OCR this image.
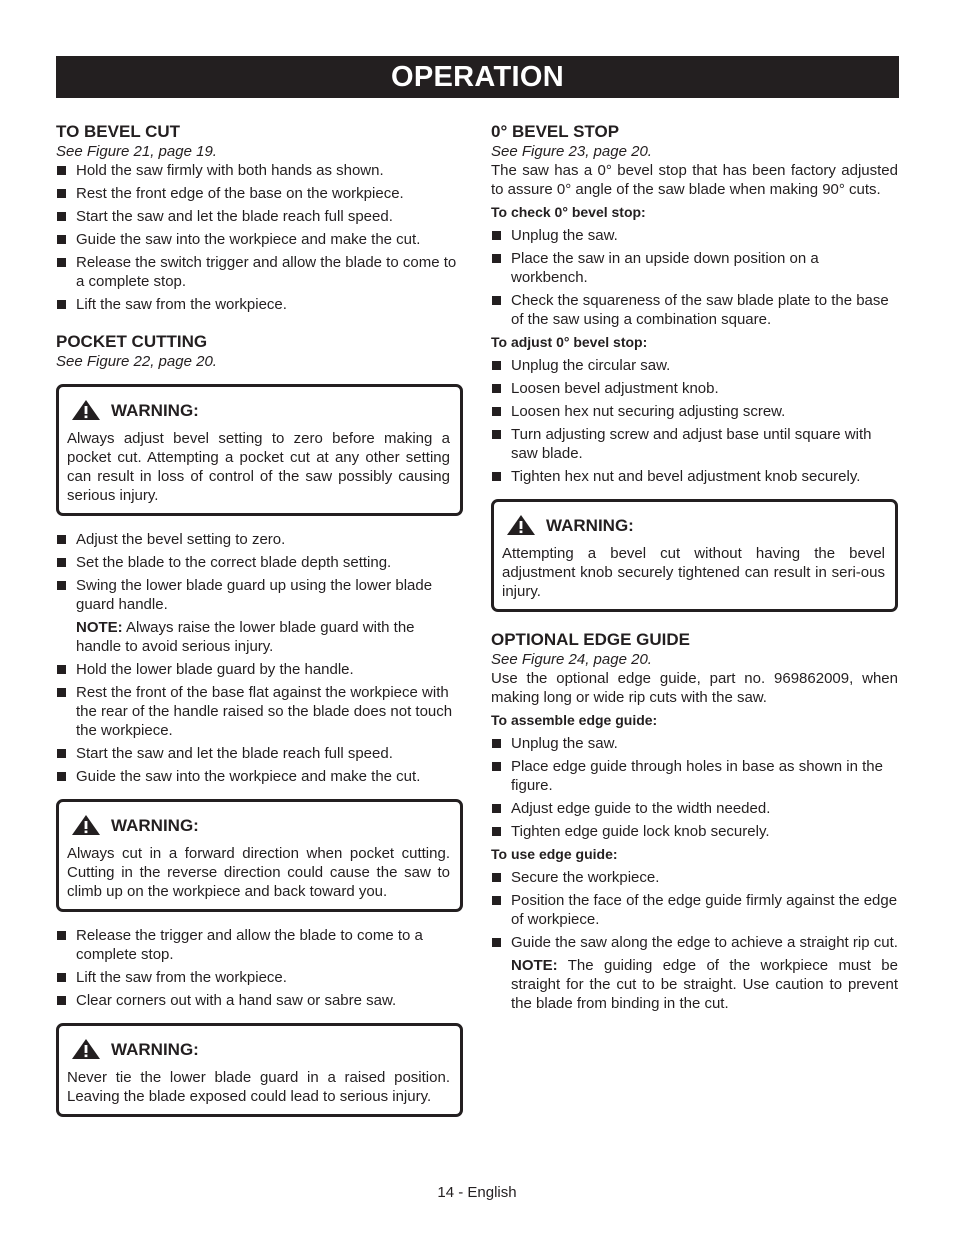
OPERATION
TO BEVEL CUT

See Figure 21, page 19.

Hold the saw firmly with both hands as shown.
Rest the front edge of the base on the workpiece.
Start the saw and let the blade reach full speed.
Guide the saw into the workpiece and make the cut.
Release the switch trigger and allow the blade to come to a complete stop.
Lift the saw from the workpiece.
POCKET CUTTING

See Figure 22, page 20.

WARNING:

Always adjust bevel setting to zero before making a pocket cut. Attempting a pocket cut at any other setting can result in loss of control of the saw possibly causing serious injury.

Adjust the bevel setting to zero.
Set the blade to the correct blade depth setting.
Swing the lower blade guard up using the lower blade guard handle.

NOTE: Always raise the lower blade guard with the handle to avoid serious injury.

Hold the lower blade guard by the handle.
Rest the front of the base flat against the workpiece with the rear of the handle raised so the blade does not touch the workpiece.
Start the saw and let the blade reach full speed.
Guide the saw into the workpiece and make the cut.
WARNING:

Always cut in a forward direction when pocket cutting. Cutting in the reverse direction could cause the saw to climb up on the workpiece and back toward you.

Release the trigger and allow the blade to come to a complete stop.
Lift the saw from the workpiece.
Clear corners out with a hand saw or sabre saw.
WARNING:

Never tie the lower blade guard in a raised position. Leaving the blade exposed could lead to serious injury.

0° BEVEL STOP

See Figure 23, page 20.

The saw has a 0° bevel stop that has been factory adjusted to assure 0° angle of the saw blade when making 90° cuts.

To check 0° bevel stop:

Unplug the saw.
Place the saw in an upside down position on a workbench.
Check the squareness of the saw blade plate to the base of the saw using a combination square.

To adjust 0° bevel stop:

Unplug the circular saw.
Loosen bevel adjustment knob.
Loosen hex nut securing adjusting screw.
Turn adjusting screw and adjust base until square with saw blade.
Tighten hex nut and bevel adjustment knob securely.
WARNING:

Attempting a bevel cut without having the bevel adjustment knob securely tightened can result in seri-ous injury.

OPTIONAL EDGE GUIDE

See Figure 24, page 20.

Use the optional edge guide, part no. 969862009, when making long or wide rip cuts with the saw.

To assemble edge guide:

Unplug the saw.
Place edge guide through holes in base as shown in the figure.
Adjust edge guide to the width needed.
Tighten edge guide lock knob securely.

To use edge guide:

Secure the workpiece.
Position the face of the edge guide firmly against the edge of workpiece.
Guide the saw along the edge to achieve a straight rip cut.

NOTE: The guiding edge of the workpiece must be straight for the cut to be straight. Use caution to prevent the blade from binding in the cut.

14 - English
